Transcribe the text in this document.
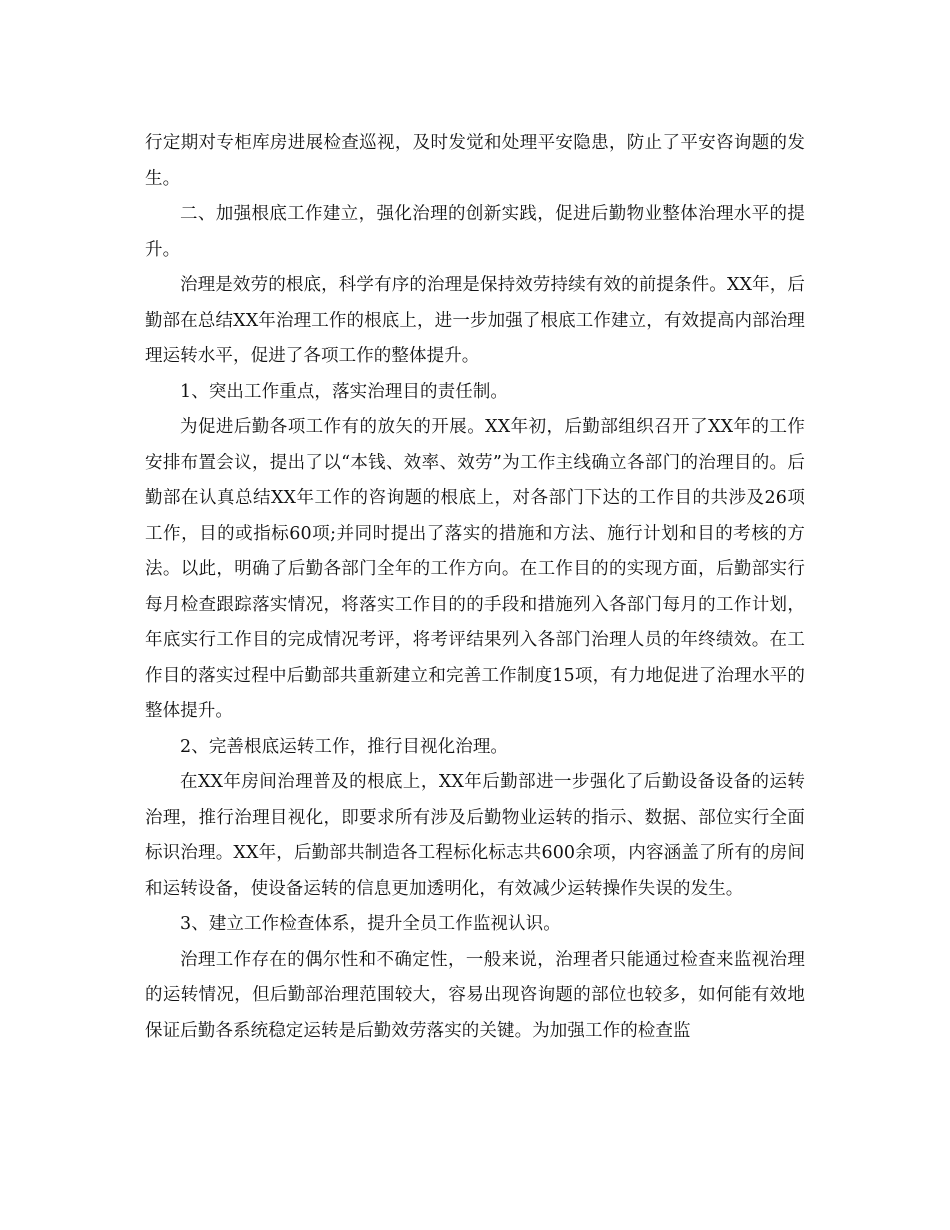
行定期对专柜库房进展检查巡视，及时发觉和处理平安隐患，防止了平安咨询题的发生。

二、加强根底工作建立，强化治理的创新实践，促进后勤物业整体治理水平的提升。

治理是效劳的根底，科学有序的治理是保持效劳持续有效的前提条件。XX年，后勤部在总结XX年治理工作的根底上，进一步加强了根底工作建立，有效提高内部治理理运转水平，促进了各项工作的整体提升。

1、突出工作重点，落实治理目的责任制。

为促进后勤各项工作有的放矢的开展。XX年初，后勤部组织召开了XX年的工作安排布置会议，提出了以“本钱、效率、效劳”为工作主线确立各部门的治理目的。后勤部在认真总结XX年工作的咨询题的根底上，对各部门下达的工作目的共涉及26项工作，目的或指标60项;并同时提出了落实的措施和方法、施行计划和目的考核的方法。以此，明确了后勤各部门全年的工作方向。在工作目的的实现方面，后勤部实行每月检查跟踪落实情况，将落实工作目的的手段和措施列入各部门每月的工作计划，年底实行工作目的完成情况考评，将考评结果列入各部门治理人员的年终绩效。在工作目的落实过程中后勤部共重新建立和完善工作制度15项，有力地促进了治理水平的整体提升。

2、完善根底运转工作，推行目视化治理。

在XX年房间治理普及的根底上，XX年后勤部进一步强化了后勤设备设备的运转治理，推行治理目视化，即要求所有涉及后勤物业运转的指示、数据、部位实行全面标识治理。XX年，后勤部共制造各工程标化标志共600余项，内容涵盖了所有的房间和运转设备，使设备运转的信息更加透明化，有效减少运转操作失误的发生。

3、建立工作检查体系，提升全员工作监视认识。

治理工作存在的偶尔性和不确定性，一般来说，治理者只能通过检查来监视治理的运转情况，但后勤部治理范围较大，容易出现咨询题的部位也较多，如何能有效地保证后勤各系统稳定运转是后勤效劳落实的关键。为加强工作的检查监
